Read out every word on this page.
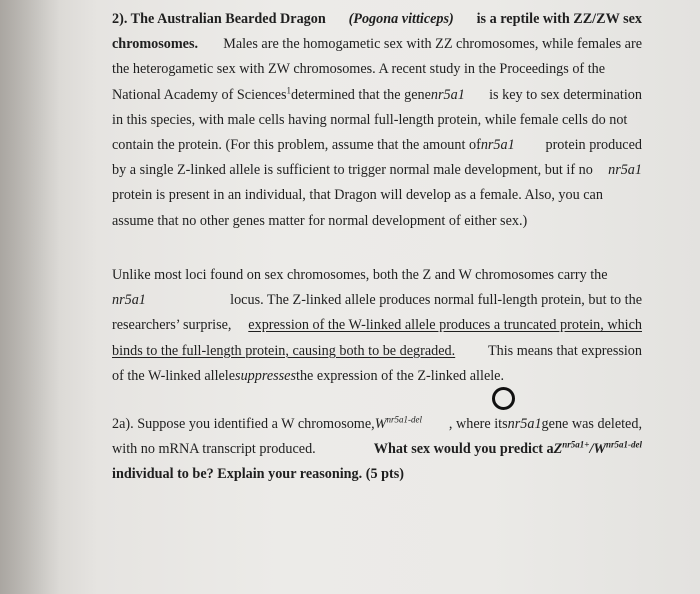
2). The Australian Bearded Dragon (Pogona vitticeps) is a reptile with ZZ/ZW sex
chromosomes. Males are the homogametic sex with ZZ chromosomes, while females are
the heterogametic sex with ZW chromosomes. A recent study in the Proceedings of the
National Academy of Sciences$^1$determined that the genenr5a1 is key to sex determination
in this species, with male cells having normal full-length protein, while female cells do not
contain the protein. (For this problem, assume that the amount ofnr5a1 protein produced
by a single Z-linked allele is sufficient to trigger normal male development, but if no nr5a1
protein is present in an individual, that Dragon will develop as a female. Also, you can
assume that no other genes matter for normal development of either sex.)
Unlike most loci found on sex chromosomes, both the Z and W chromosomes carry the
nr5a1	locus. The Z-linked allele produces normal full-length protein, but to the
researchers’ surprise, expression of the W-linked allele produces a truncated protein, which
binds to the full-length protein, causing both to be degraded. This means that expression
of the W-linked allelesuppressesthe expression of the Z-linked allele.
2a). Suppose you identified a W $chromosome,W^{nr5a1-del}$ , where itsnr5a1gene was deleted,
with no mRNA transcript produced.	What sex would you predict $aZ^{nr5a1+}/W^{nr5a1-del}$
individual to be? Explain your reasoning. (5 pts)
